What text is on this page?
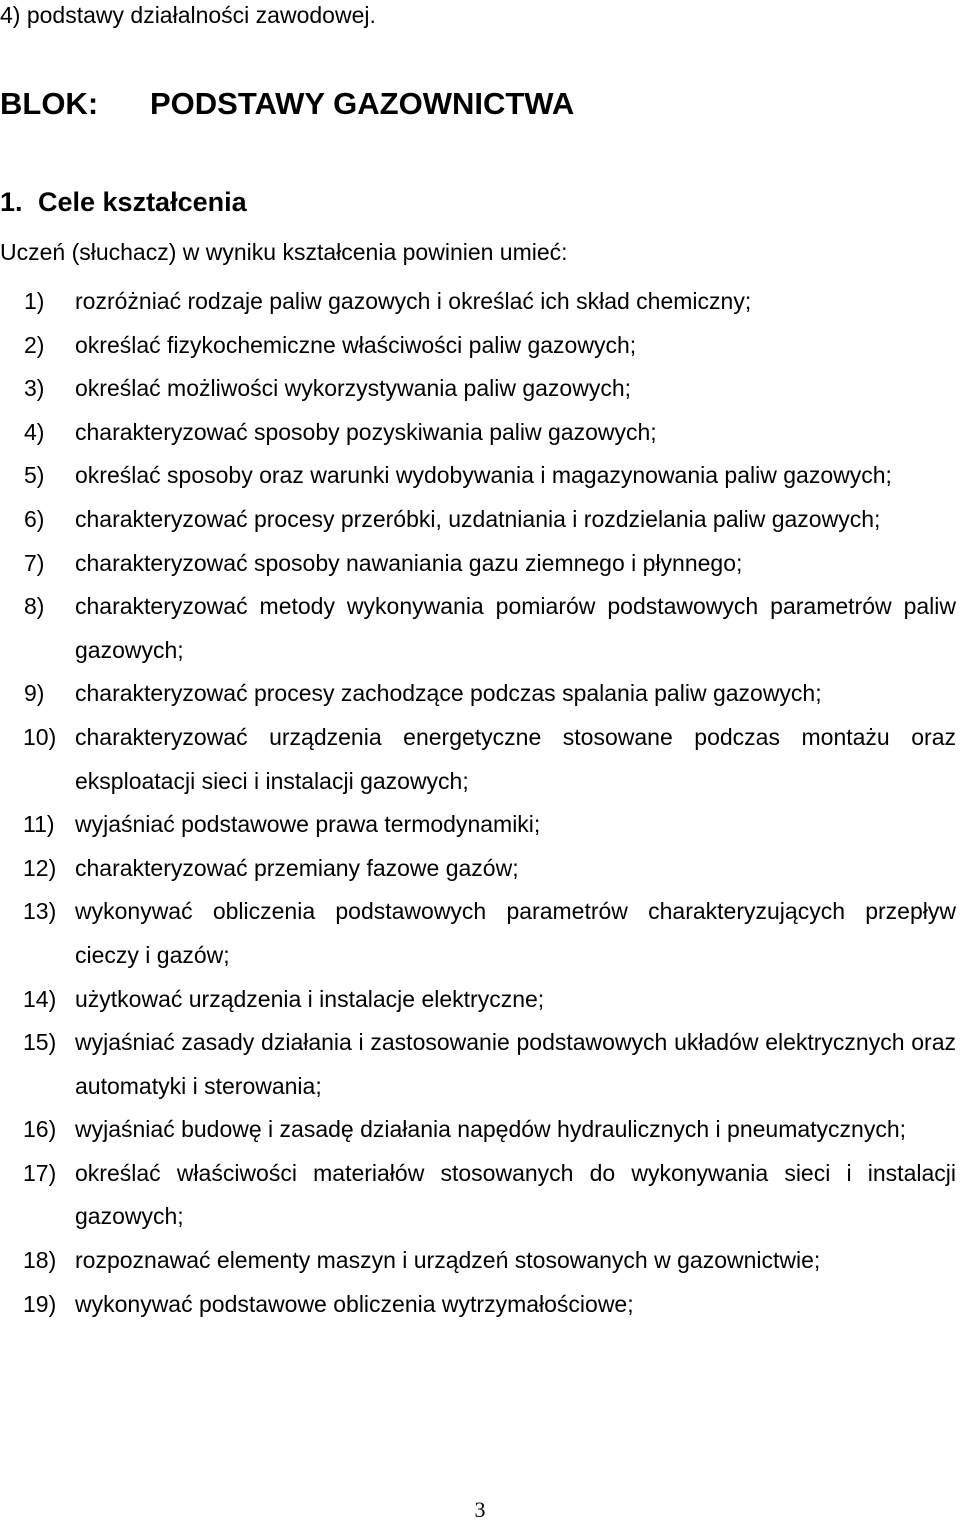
4) podstawy działalności zawodowej.
BLOK: PODSTAWY GAZOWNICTWA
1. Cele kształcenia
Uczeń (słuchacz) w wyniku kształcenia powinien umieć:
1)	rozróżniać rodzaje paliw gazowych i określać ich skład chemiczny;
2)	określać fizykochemiczne właściwości paliw gazowych;
3)	określać możliwości wykorzystywania paliw gazowych;
4)	charakteryzować sposoby pozyskiwania paliw gazowych;
5)	określać sposoby oraz warunki wydobywania i magazynowania paliw gazowych;
6)	charakteryzować procesy przeróbki, uzdatniania i rozdzielania paliw gazowych;
7)	charakteryzować sposoby nawaniania gazu ziemnego i płynnego;
8)	charakteryzować metody wykonywania pomiarów podstawowych parametrów paliw gazowych;
9)	charakteryzować procesy zachodzące podczas spalania paliw gazowych;
10) charakteryzować urządzenia energetyczne stosowane podczas montażu oraz eksploatacji sieci i instalacji gazowych;
11) wyjaśniać podstawowe prawa termodynamiki;
12) charakteryzować przemiany fazowe gazów;
13) wykonywać obliczenia podstawowych parametrów charakteryzujących przepływ cieczy i gazów;
14) użytkować urządzenia i instalacje elektryczne;
15) wyjaśniać zasady działania i zastosowanie podstawowych układów elektrycznych oraz automatyki i sterowania;
16) wyjaśniać budowę i zasadę działania napędów hydraulicznych i pneumatycznych;
17) określać właściwości materiałów stosowanych do wykonywania sieci i instalacji gazowych;
18) rozpoznawać elementy maszyn i urządzeń stosowanych w gazownictwie;
19) wykonywać podstawowe obliczenia wytrzymałościowe;
3
